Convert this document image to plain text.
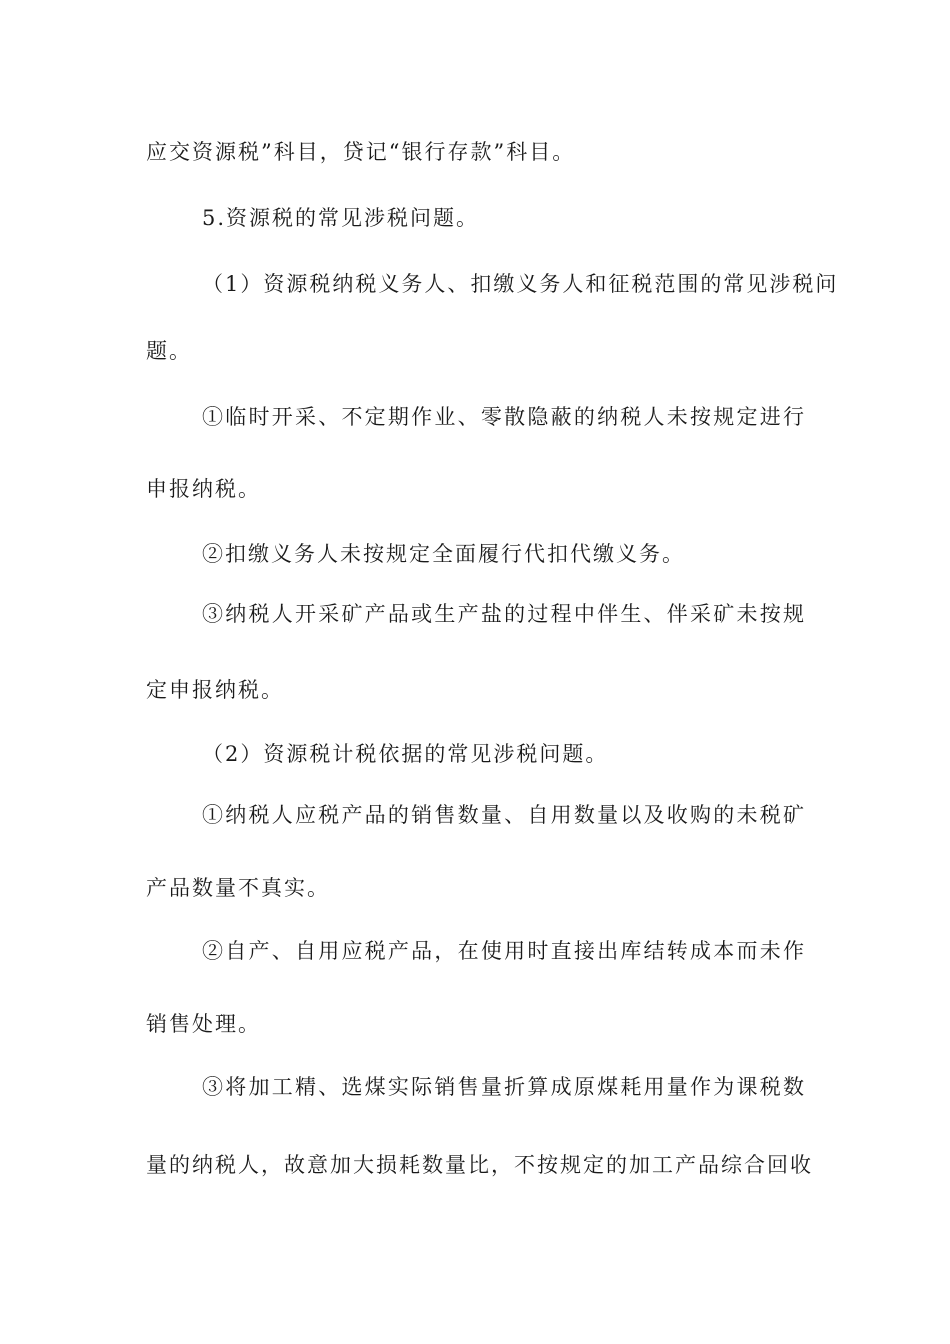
应交资源税”科目，贷记“银行存款”科目。
5.资源税的常见涉税问题。
（1）资源税纳税义务人、扣缴义务人和征税范围的常见涉税问
题。
①临时开采、不定期作业、零散隐蔽的纳税人未按规定进行
申报纳税。
②扣缴义务人未按规定全面履行代扣代缴义务。
③纳税人开采矿产品或生产盐的过程中伴生、伴采矿未按规
定申报纳税。
（2）资源税计税依据的常见涉税问题。
①纳税人应税产品的销售数量、自用数量以及收购的未税矿
产品数量不真实。
②自产、自用应税产品，在使用时直接出库结转成本而未作
销售处理。
③将加工精、选煤实际销售量折算成原煤耗用量作为课税数
量的纳税人，故意加大损耗数量比，不按规定的加工产品综合回收
